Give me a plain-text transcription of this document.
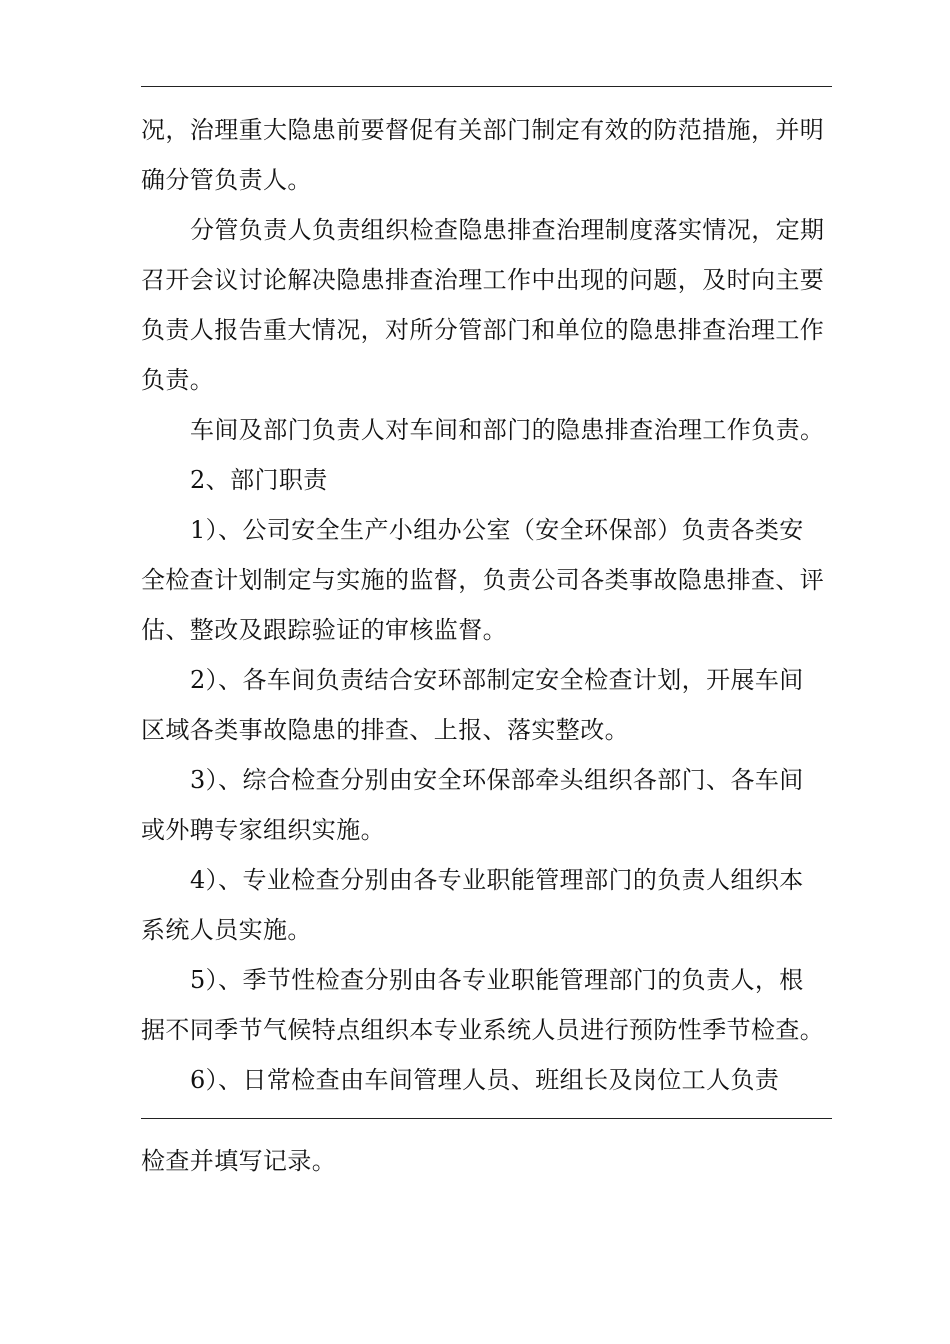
况，治理重大隐患前要督促有关部门制定有效的防范措施，并明
确分管负责人。
分管负责人负责组织检查隐患排查治理制度落实情况，定期
召开会议讨论解决隐患排查治理工作中出现的问题，及时向主要
负责人报告重大情况，对所分管部门和单位的隐患排查治理工作
负责。
车间及部门负责人对车间和部门的隐患排查治理工作负责。
2、部门职责
1）、公司安全生产小组办公室（安全环保部）负责各类安
全检查计划制定与实施的监督，负责公司各类事故隐患排查、评
估、整改及跟踪验证的审核监督。
2）、各车间负责结合安环部制定安全检查计划，开展车间
区域各类事故隐患的排查、上报、落实整改。
3）、综合检查分别由安全环保部牵头组织各部门、各车间
或外聘专家组织实施。
4）、专业检查分别由各专业职能管理部门的负责人组织本
系统人员实施。
5）、季节性检查分别由各专业职能管理部门的负责人，根
据不同季节气候特点组织本专业系统人员进行预防性季节检查。
6）、日常检查由车间管理人员、班组长及岗位工人负责
检查并填写记录。
